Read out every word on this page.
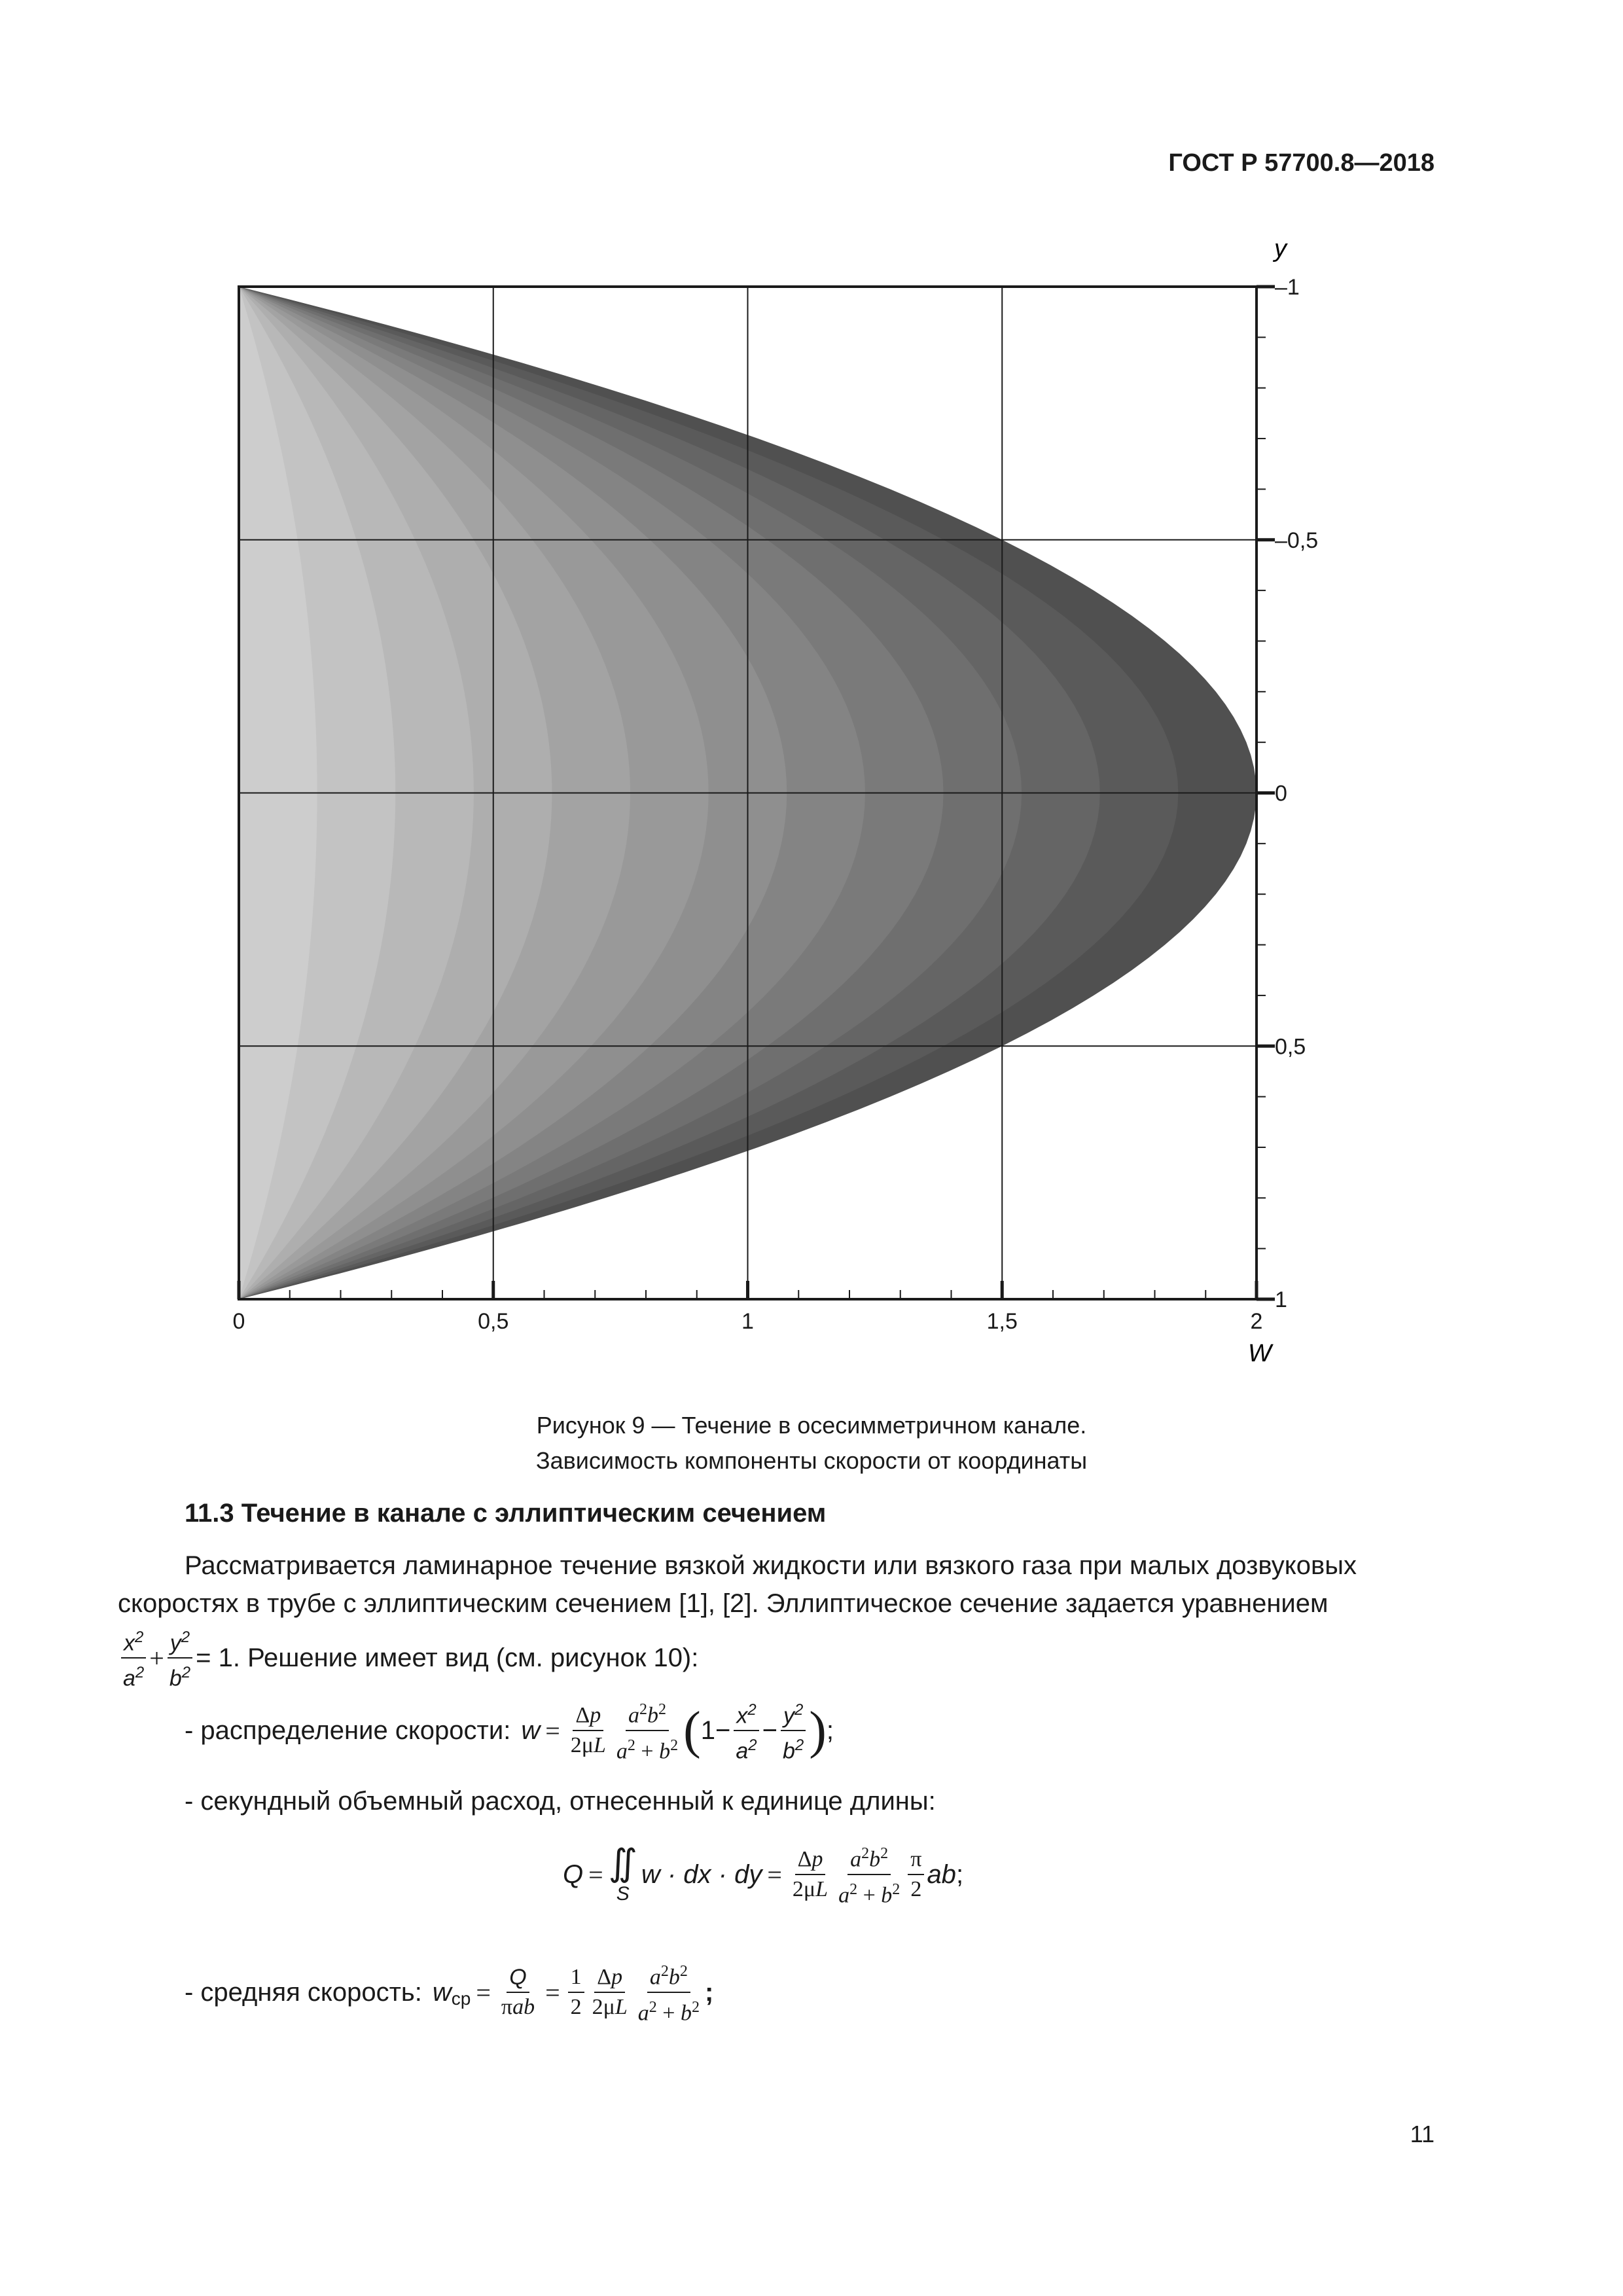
ГОСТ Р 57700.8—2018
0	0,5	1	1,5	2
–1
–0,5
0
0,5
1
W
y
Рисунок 9 — Течение в осесимметричном канале.
Зависимость компоненты скорости от координаты
11.3 Течение в канале с эллиптическим сечением
Рассматривается ламинарное течение вязкой жидкости или вязкого газа при малых дозвуковых
скоростях в трубе с эллиптическим сечением [1], [2]. Эллиптическое сечение задается уравнением
$\frac{x^2}{a^2} + \frac{y^2}{b^2} = 1$. Решение имеет вид (см. рисунок 10):
- распределение скорости: $w = \frac{\Delta p}{2\mu L} \frac{a^2b^2}{a^2 + b^2}$ ( $1- \frac{x^2}{a^2} - \frac{y^2}{b^2}$ ) ;
- секундный объемный расход, отнесенный к единице длины:
Q = ∬
S
w · dx · dy = $\frac{\Delta p}{2\mu L} \frac{a^2b^2}{a^2 + b^2} \frac{\pi}{2}$ ab ;
- средняя скорость: w ср = $\frac{Q}{\text{πab}} = \frac{1}{2} \frac{\Delta p}{2\mu L} \frac{a^2b^2}{a^2 + b^2}$ ;
11
